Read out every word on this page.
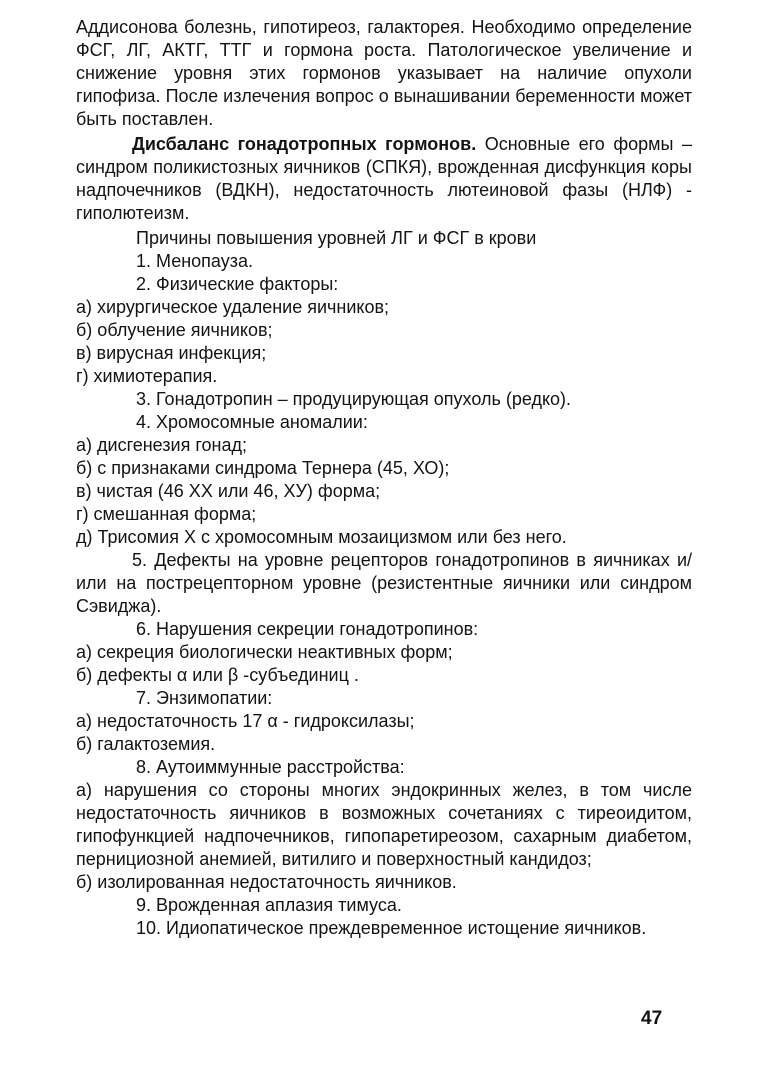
Аддисонова болезнь, гипотиреоз, галакторея. Необходимо определение ФСГ, ЛГ, АКТГ, ТТГ и гормона роста. Патологическое увеличение и снижение уровня этих гормонов указывает на наличие опухоли гипофиза. После излечения вопрос о вынашивании беременности может быть поставлен.

Дисбаланс гонадотропных гормонов. Основные его формы – синдром поликистозных яичников (СПКЯ), врожденная дисфункция коры надпочечников (ВДКН), недостаточность лютеиновой фазы (НЛФ) - гиполютеизм.

Причины повышения уровней ЛГ и ФСГ в крови

1. Менопауза.

2. Физические факторы:

а) хирургическое удаление яичников;

б) облучение яичников;

в) вирусная инфекция;

г) химиотерапия.

3. Гонадотропин – продуцирующая опухоль (редко).

4. Хромосомные аномалии:

а) дисгенезия гонад;

б) с признаками синдрома Тернера (45, ХО);

в) чистая (46 ХХ или 46, ХУ) форма;

г) смешанная форма;

д) Трисомия Х с хромосомным мозаицизмом или без него.

5. Дефекты на уровне рецепторов гонадотропинов в яичниках и/или на пострецепторном уровне (резистентные яичники или синдром Сэвиджа).

6. Нарушения секреции гонадотропинов:

а) секреция биологически неактивных форм;

б) дефекты α или β -субъединиц .

7. Энзимопатии:

а) недостаточность 17 α - гидроксилазы;

б) галактоземия.

8. Аутоиммунные расстройства:

а) нарушения со стороны многих эндокринных желез, в том числе недостаточность яичников в возможных сочетаниях с тиреоидитом, гипофункцией надпочечников, гипопаретиреозом, сахарным диабетом, пернициозной анемией, витилиго и поверхностный кандидоз;

б) изолированная недостаточность яичников.

9. Врожденная аплазия тимуса.

10. Идиопатическое преждевременное истощение яичников.

47
